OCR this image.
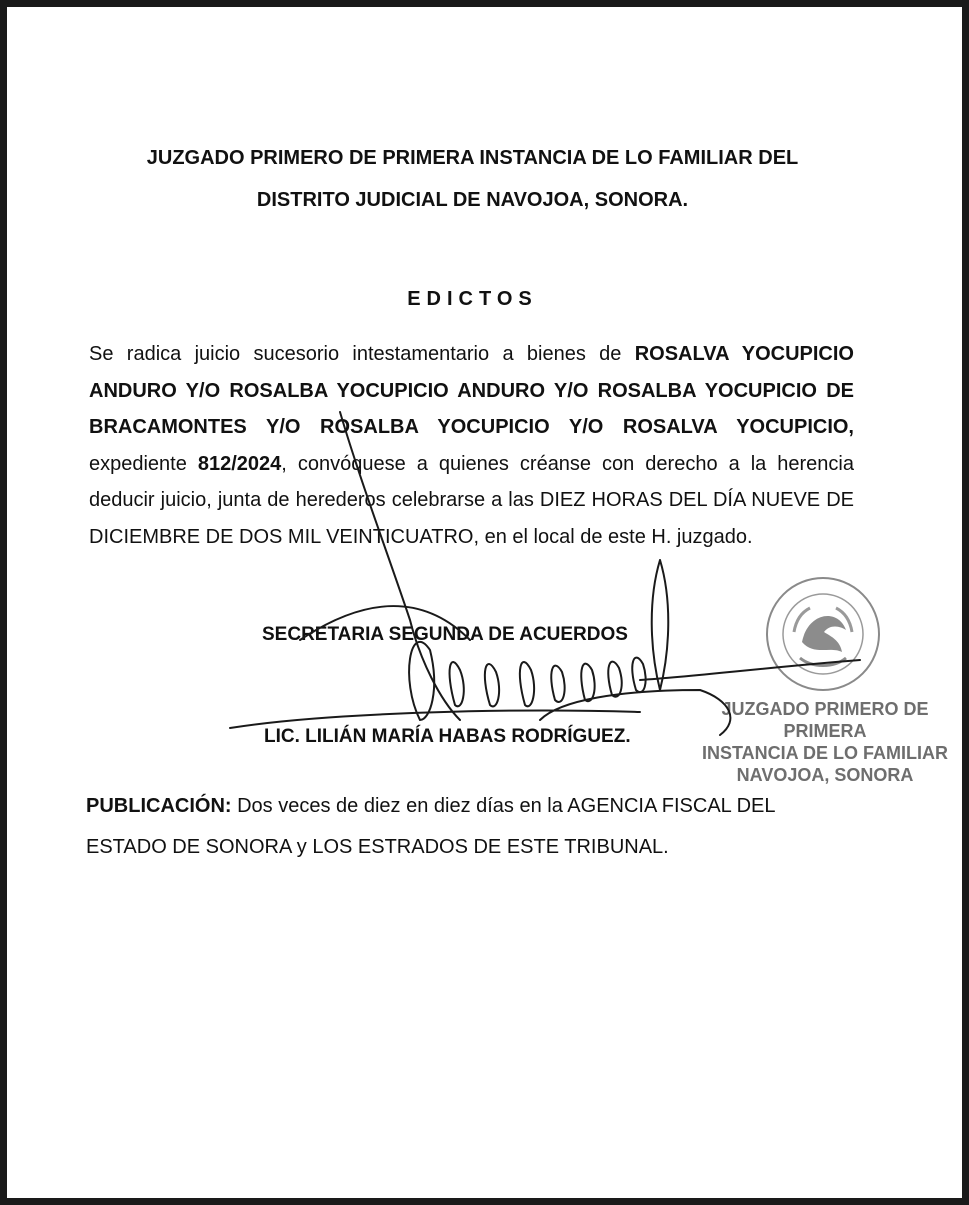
JUZGADO PRIMERO DE PRIMERA INSTANCIA DE LO FAMILIAR DEL
DISTRITO JUDICIAL DE NAVOJOA, SONORA.
EDICTOS
Se radica juicio sucesorio intestamentario a bienes de ROSALVA YOCUPICIO ANDURO Y/O ROSALBA YOCUPICIO ANDURO Y/O ROSALBA YOCUPICIO DE BRACAMONTES Y/O ROSALBA YOCUPICIO Y/O ROSALVA YOCUPICIO, expediente 812/2024, convóquese a quienes créanse con derecho a la herencia deducir juicio, junta de herederos celebrarse a las DIEZ HORAS DEL DÍA NUEVE DE DICIEMBRE DE DOS MIL VEINTICUATRO, en el local de este H. juzgado.
JUZGADO PRIMERO DE PRIMERA
INSTANCIA DE LO FAMILIAR
NAVOJOA, SONORA
SECRETARIA SEGUNDA DE ACUERDOS
LIC. LILIÁN MARÍA HABAS RODRÍGUEZ.
PUBLICACIÓN: Dos veces de diez en diez días en la AGENCIA FISCAL DEL ESTADO DE SONORA y LOS ESTRADOS DE ESTE TRIBUNAL.
